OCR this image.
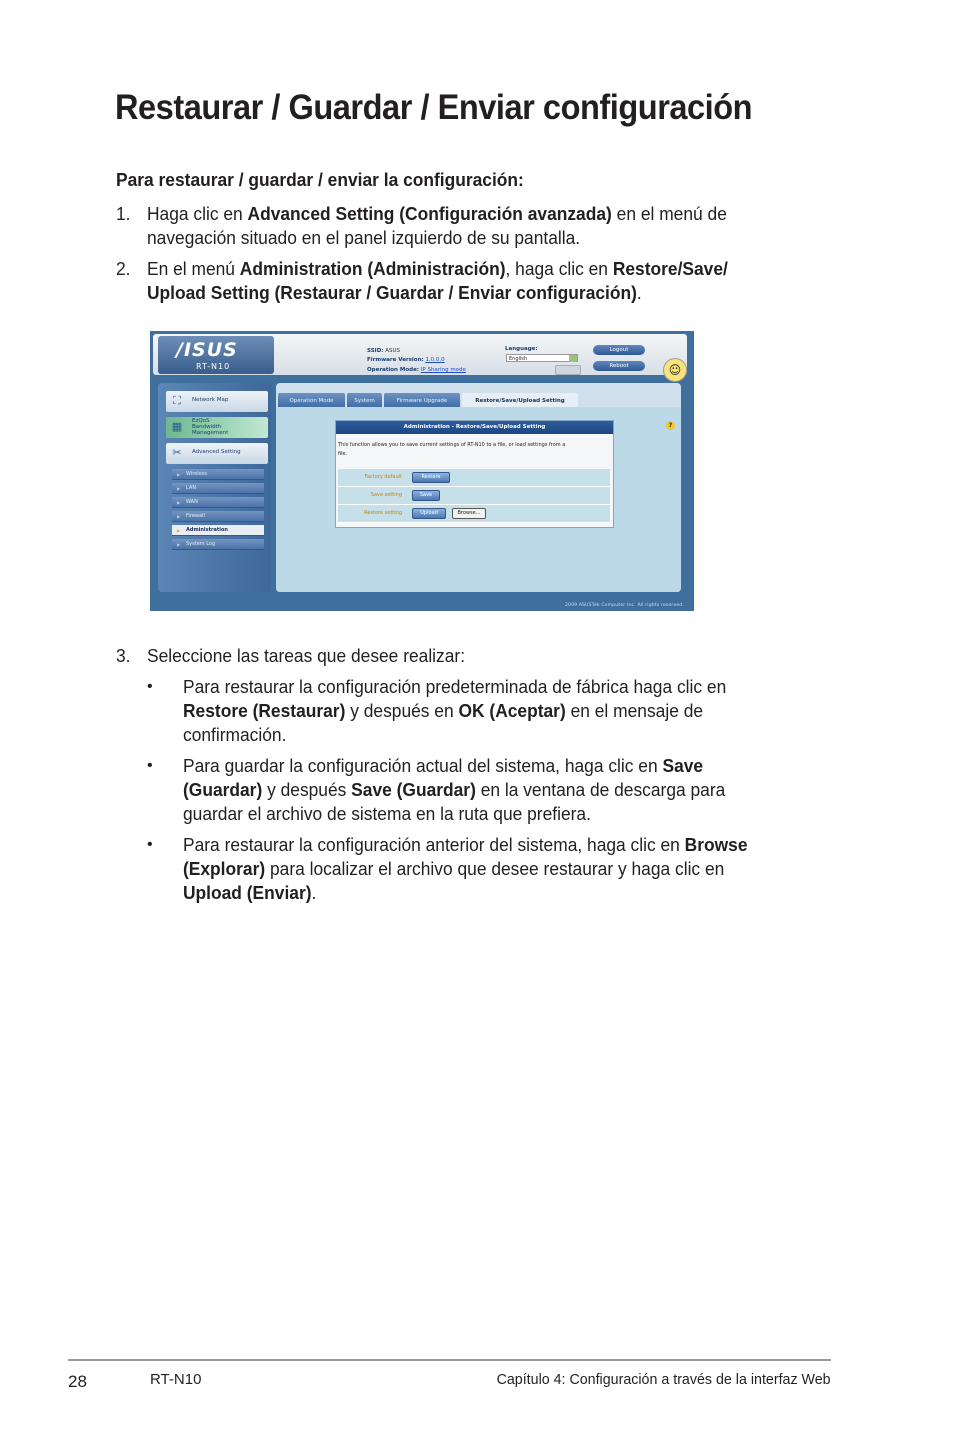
Restaurar / Guardar / Enviar configuración
Para restaurar / guardar / enviar la configuración:
1. Haga clic en Advanced Setting (Configuración avanzada) en el menú de
navegación situado en el panel izquierdo de su pantalla.
2. En el menú Administration (Administración), haga clic en Restore/Save/
Upload Setting (Restaurar / Guardar / Enviar configuración).
/ISUS
RT-N10
SSID: ASUS
Firmware Version: 1.0.0.0
Operation Mode: IP Sharing mode
Language:
English
Logout
Reboot	☺
⛶	Network Map
▦	EzQoS
Bandwidth
Management
✂	Advanced Setting
▶ Wireless
▶ LAN
▶ WAN
▶ Firewall
▶ Administration
▶ System Log
Operation Mode	System	Firmware Upgrade	Restore/Save/Upload Setting
?
Administration - Restore/Save/Upload Setting
This function allows you to save current settings of RT-N10 to a file, or load settings from a
file.
Factory default	Restore
Save setting	Save
Restore setting	Upload	Browse...
2009 ASUSTek Computer Inc. All rights reserved.
3. Seleccione las tareas que desee realizar:
• Para restaurar la configuración predeterminada de fábrica haga clic en
Restore (Restaurar) y después en OK (Aceptar) en el mensaje de
confirmación.
• Para guardar la configuración actual del sistema, haga clic en Save
(Guardar) y después Save (Guardar) en la ventana de descarga para
guardar el archivo de sistema en la ruta que prefiera.
• Para restaurar la configuración anterior del sistema, haga clic en Browse
(Explorar) para localizar el archivo que desee restaurar y haga clic en
Upload (Enviar).
28	RT-N10	Capítulo 4: Configuración a través de la interfaz Web
